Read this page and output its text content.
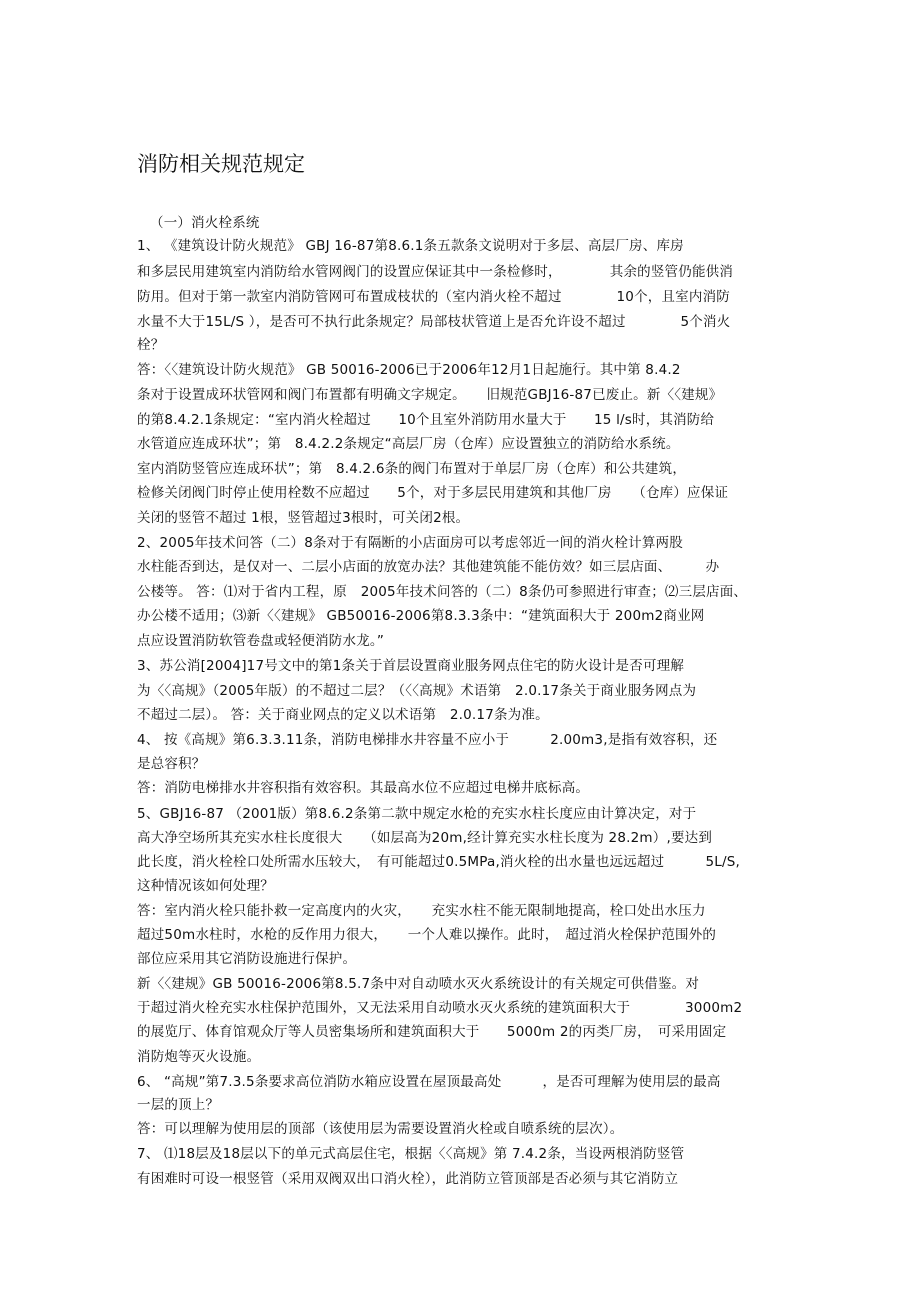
消防相关规范规定
（一）消火栓系统
1、 《建筑设计防火规范》 GBJ 16-87第8.6.1条五款条文说明对于多层、高层厂房、库房
和多层民用建筑室内消防给水管网阀门的设置应保证其中一条检修时，　　　　其余的竖管仍能供消
防用。但对于第一款室内消防管网可布置成枝状的（室内消火栓不超过　　　　10个，且室内消防
水量不大于15L/S ），是否可不执行此条规定？局部枝状管道上是否允许设不超过　　　　5个消火
栓？
答：〈〈建筑设计防火规范》 GB 50016-2006已于2006年12月1日起施行。其中第 8.4.2
条对于设置成环状管网和阀门布置都有明确文字规定。　　旧规范GBJ16-87已废止。新〈〈建规》
的第8.4.2.1条规定：“室内消火栓超过　　10个且室外消防用水量大于　　15 l/s时，其消防给
水管道应连成环状”；第　8.4.2.2条规定“高层厂房（仓库）应设置独立的消防给水系统。
室内消防竖管应连成环状”；第　8.4.2.6条的阀门布置对于单层厂房（仓库）和公共建筑，
检修关闭阀门时停止使用栓数不应超过　　5个，对于多层民用建筑和其他厂房　　（仓库）应保证
关闭的竖管不超过 1根，竖管超过3根时，可关闭2根。
2、2005年技术问答（二）8条对于有隔断的小店面房可以考虑邻近一间的消火栓计算两股
水柱能否到达，是仅对一、二层小店面的放宽办法？其他建筑能不能仿效？如三层店面、　　　办
公楼等。 答：⑴对于省内工程，原　2005年技术问答的（二）8条仍可参照进行审查；⑵三层店面、
办公楼不适用；⑶新〈〈建规》 GB50016-2006第8.3.3条中：“建筑面积大于 200m2商业网
点应设置消防软管卷盘或轻便消防水龙。”
3、苏公消[2004]17号文中的第1条关于首层设置商业服务网点住宅的防火设计是否可理解
为〈〈高规》（2005年版）的不超过二层？（〈〈高规》术语第　2.0.17条关于商业服务网点为
不超过二层）。 答：关于商业网点的定义以术语第　2.0.17条为准。
4、 按《高规》第6.3.3.11条，消防电梯排水井容量不应小于　　　2.00m3,是指有效容积，还
是总容积？
答：消防电梯排水井容积指有效容积。其最高水位不应超过电梯井底标高。
5、GBJ16-87 （2001版）第8.6.2条第二款中规定水枪的充实水柱长度应由计算决定，对于
高大净空场所其充实水柱长度很大　　（如层高为20m,经计算充实水柱长度为 28.2m）,要达到
此长度，消火栓栓口处所需水压较大，　有可能超过0.5MPa,消火栓的出水量也远远超过　　　5L/S,
这种情况该如何处理？
答：室内消火栓只能扑救一定高度内的火灾，　　充实水柱不能无限制地提高，栓口处出水压力
超过50m水柱时，水枪的反作用力很大，　　一个人难以操作。此时，　超过消火栓保护范围外的
部位应采用其它消防设施进行保护。
新〈〈建规》GB 50016-2006第8.5.7条中对自动喷水灭火系统设计的有关规定可供借鉴。对
于超过消火栓充实水柱保护范围外，又无法采用自动喷水灭火系统的建筑面积大于　　　　3000m2
的展览厅、体育馆观众厅等人员密集场所和建筑面积大于　　5000m 2的丙类厂房，　可采用固定
消防炮等灭火设施。
6、 “高规”第7.3.5条要求高位消防水箱应设置在屋顶最高处　　　，是否可理解为使用层的最高
一层的顶上？
答：可以理解为使用层的顶部（该使用层为需要设置消火栓或自喷系统的层次）。
7、 ⑴18层及18层以下的单元式高层住宅，根据〈〈高规》第 7.4.2条，当设两根消防竖管
有困难时可设一根竖管（采用双阀双出口消火栓），此消防立管顶部是否必须与其它消防立
